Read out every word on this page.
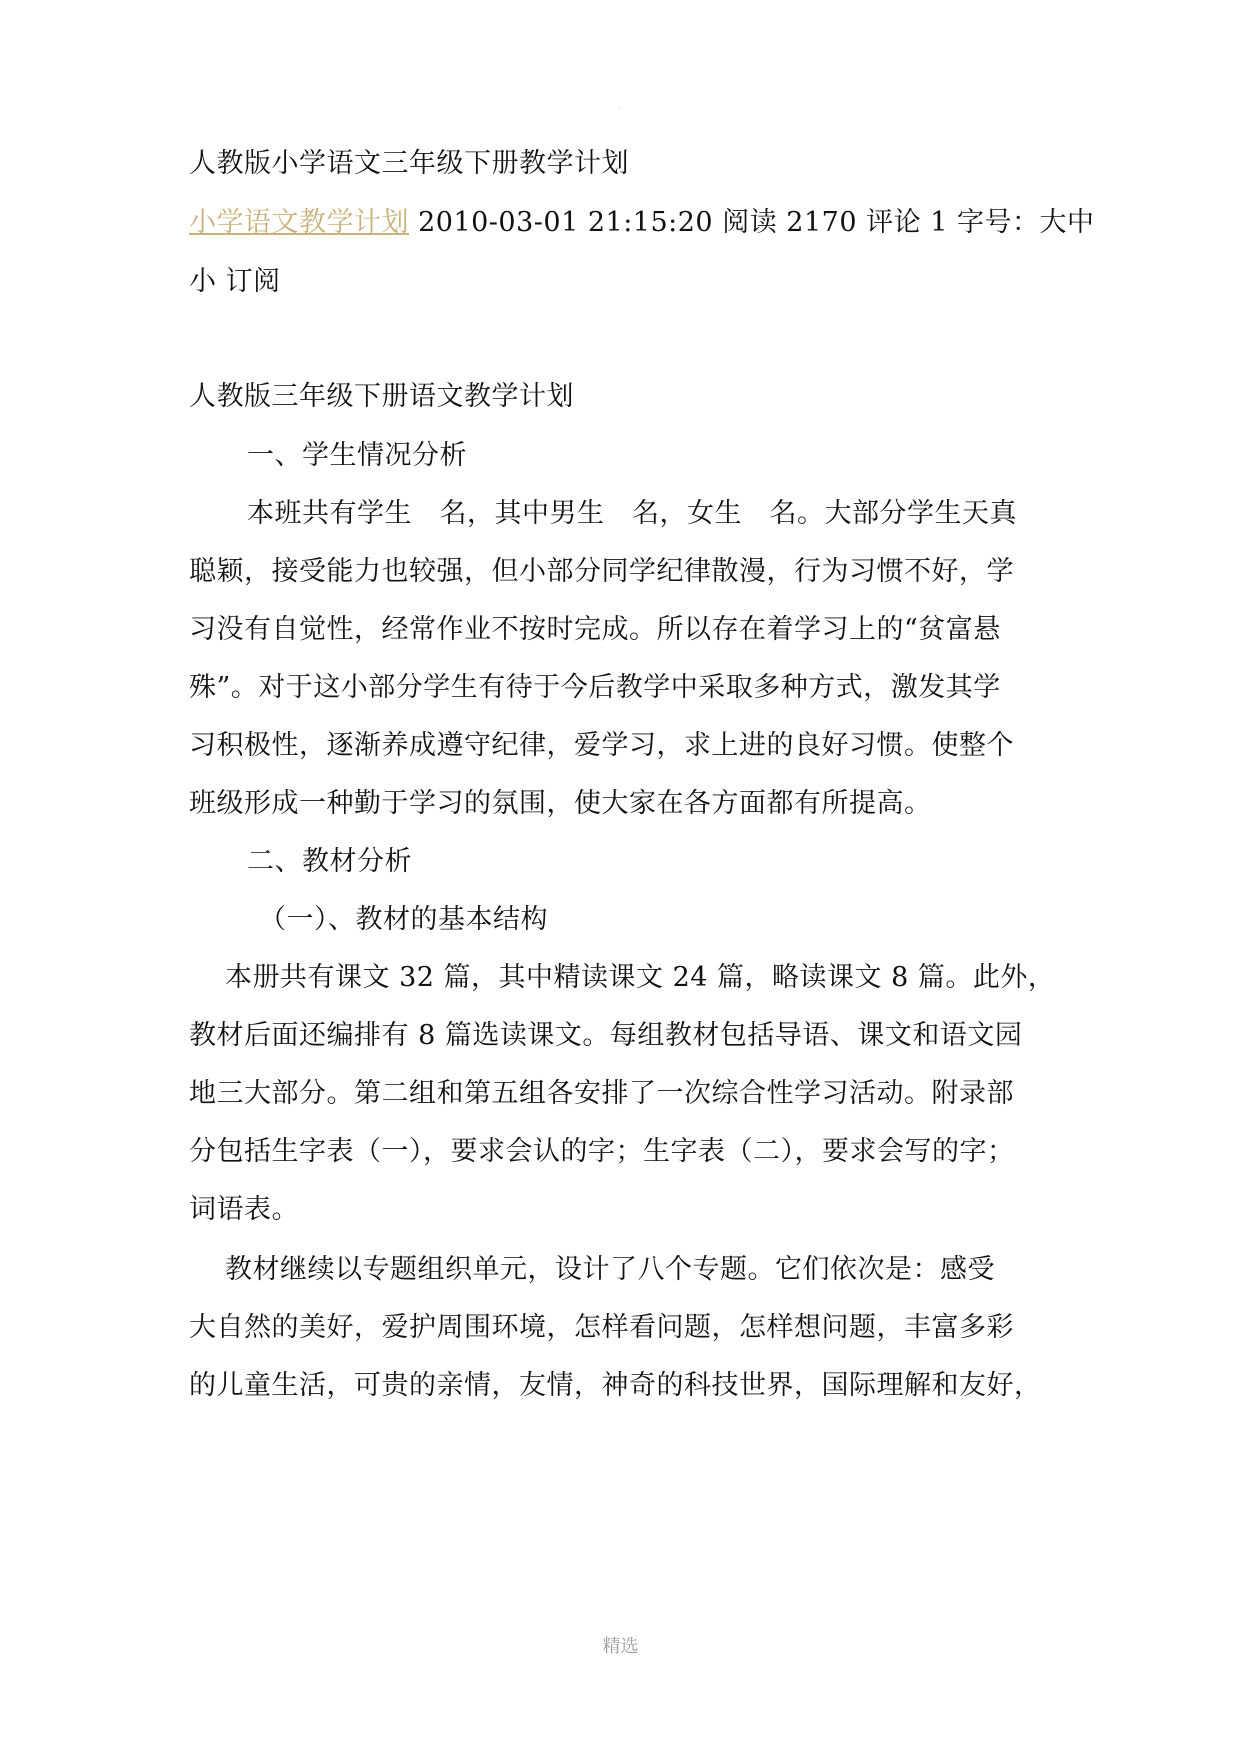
·
人教版小学语文三年级下册教学计划
小学语文教学计划 2010-03-01 21:15:20 阅读 2170 评论 1 字号：大中
小 订阅
人教版三年级下册语文教学计划
一、学生情况分析
本班共有学生　名，其中男生　名，女生　名。大部分学生天真
聪颖，接受能力也较强，但小部分同学纪律散漫，行为习惯不好，学
习没有自觉性，经常作业不按时完成。所以存在着学习上的“贫富悬
殊”。对于这小部分学生有待于今后教学中采取多种方式，激发其学
习积极性，逐渐养成遵守纪律，爱学习，求上进的良好习惯。使整个
班级形成一种勤于学习的氛围，使大家在各方面都有所提高。
二、教材分析
（一）、教材的基本结构
本册共有课文 32 篇，其中精读课文 24 篇，略读课文 8 篇。此外，
教材后面还编排有 8 篇选读课文。每组教材包括导语、课文和语文园
地三大部分。第二组和第五组各安排了一次综合性学习活动。附录部
分包括生字表（一），要求会认的字；生字表（二），要求会写的字；
词语表。
教材继续以专题组织单元，设计了八个专题。它们依次是：感受
大自然的美好，爱护周围环境，怎样看问题，怎样想问题，丰富多彩
的儿童生活，可贵的亲情，友情，神奇的科技世界，国际理解和友好，
精选
